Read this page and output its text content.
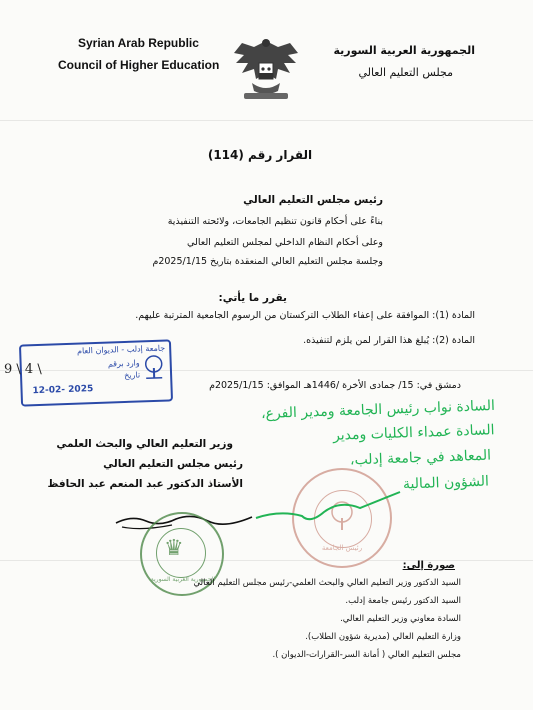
Syrian Arab Republic
Council of Higher Education
الجمهورية العربية السورية
مجلس التعليم العالي
القرار رقم (114)
رئيس مجلس التعليم العالي
بناءً على أحكام قانون تنظيم الجامعات، ولائحته التنفيذية
وعلى أحكام النظام الداخلي لمجلس التعليم العالي
وجلسة مجلس التعليم العالي المنعقدة بتاريخ 2025/1/15م
يقرر ما يأتي:
المادة (1): الموافقة على إعفاء الطلاب التركستان من الرسوم الجامعية المترتبة عليهم.
المادة (2): يُبلغ هذا القرار لمن يلزم لتنفيذه.
جامعة إدلب - الديوان العام
وارد برقم
تاريخ
12-02- 2025
9 \ 4 \
دمشق في: 15/ جمادى الأخرة /1446هـ الموافق: 2025/1/15م
السادة نواب رئيس الجامعة ومدير الفرع،
السادة عمداء الكليات ومدير
المعاهد في جامعة إدلب،
الشؤون المالية
وزير التعليم العالي والبحث العلمي
رئيس مجلس التعليم العالي
الأستاذ الدكتور عبد المنعم عبد الحافظ
♛
الجمهورية العربية السورية
رئيس الجامعة
صورة إلى:
السيد الدكتور وزير التعليم العالي والبحث العلمي-رئيس مجلس التعليم العالي
السيد الدكتور رئيس جامعة إدلب.
السادة معاوني وزير التعليم العالي.
وزارة التعليم العالي (مديرية شؤون الطلاب).
مجلس التعليم العالي ( أمانة السر-القرارات-الديوان ).
